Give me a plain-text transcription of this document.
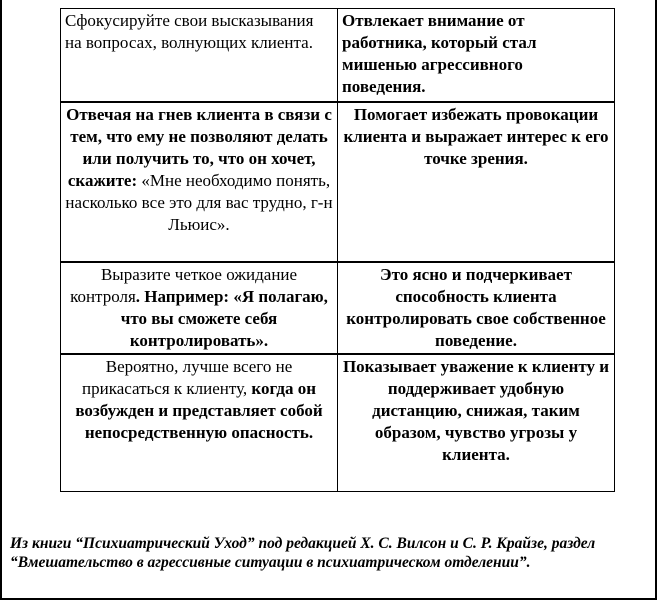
Сфокусируйте свои высказывания на вопросах, волнующих клиента.	Отвлекает внимание от работника, который стал мишенью агрессивного поведения.
Отвечая на гнев клиента в связи с тем, что ему не позволяют делать или получить то, что он хочет, скажите: «Мне необходимо понять, насколько все это для вас трудно, г-н Льюис».	Помогает избежать провокации клиента и выражает интерес к его точке зрения.
Выразите четкое ожидание контроля. Например: «Я полагаю, что вы сможете себя контролировать».	Это ясно и подчеркивает способность клиента контролировать свое собственное поведение.
Вероятно, лучше всего не прикасаться к клиенту, когда он возбужден и представляет собой непосредственную опасность.	Показывает уважение к клиенту и поддерживает удобную дистанцию, снижая, таким образом, чувство угрозы у клиента.
Из книги “Психиатрический Уход” под редакцией Х. С. Вилсон и С. Р. Крайзе, раздел “Вмешательство в агрессивные ситуации в психиатрическом отделении”.
